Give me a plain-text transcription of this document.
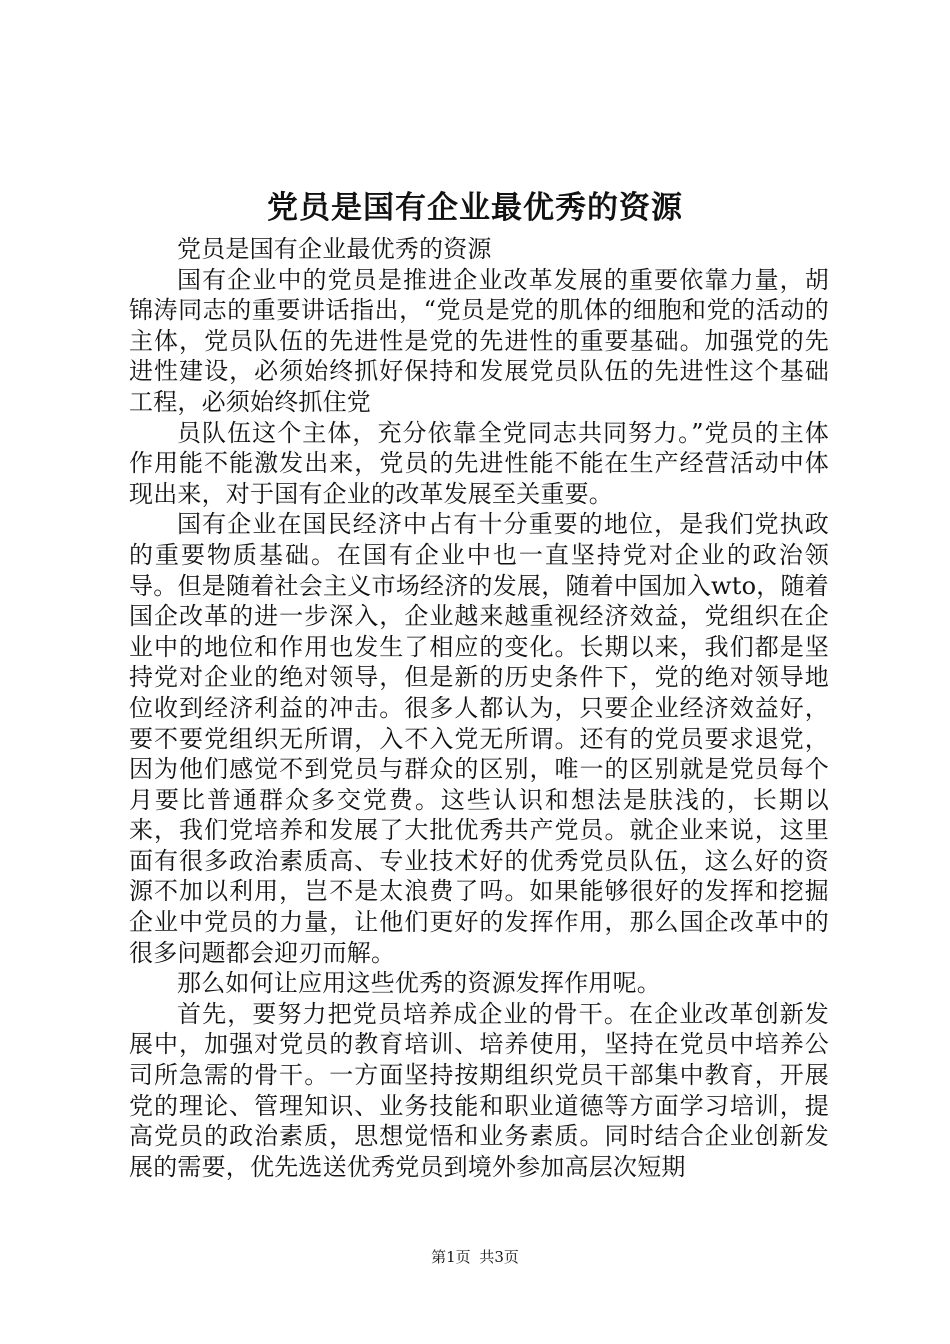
党员是国有企业最优秀的资源

党员是国有企业最优秀的资源

国有企业中的党员是推进企业改革发展的重要依靠力量，胡锦涛同志的重要讲话指出，“党员是党的肌体的细胞和党的活动的主体，党员队伍的先进性是党的先进性的重要基础。加强党的先进性建设，必须始终抓好保持和发展党员队伍的先进性这个基础工程，必须始终抓住党

员队伍这个主体，充分依靠全党同志共同努力。”党员的主体作用能不能激发出来，党员的先进性能不能在生产经营活动中体现出来，对于国有企业的改革发展至关重要。

国有企业在国民经济中占有十分重要的地位，是我们党执政的重要物质基础。在国有企业中也一直坚持党对企业的政治领导。但是随着社会主义市场经济的发展，随着中国加入wto，随着国企改革的进一步深入，企业越来越重视经济效益，党组织在企业中的地位和作用也发生了相应的变化。长期以来，我们都是坚持党对企业的绝对领导，但是新的历史条件下，党的绝对领导地位收到经济利益的冲击。很多人都认为，只要企业经济效益好，要不要党组织无所谓，入不入党无所谓。还有的党员要求退党，因为他们感觉不到党员与群众的区别，唯一的区别就是党员每个月要比普通群众多交党费。这些认识和想法是肤浅的，长期以来，我们党培养和发展了大批优秀共产党员。就企业来说，这里面有很多政治素质高、专业技术好的优秀党员队伍，这么好的资源不加以利用，岂不是太浪费了吗。如果能够很好的发挥和挖掘企业中党员的力量，让他们更好的发挥作用，那么国企改革中的很多问题都会迎刃而解。

那么如何让应用这些优秀的资源发挥作用呢。

首先，要努力把党员培养成企业的骨干。在企业改革创新发展中，加强对党员的教育培训、培养使用，坚持在党员中培养公司所急需的骨干。一方面坚持按期组织党员干部集中教育，开展党的理论、管理知识、业务技能和职业道德等方面学习培训，提高党员的政治素质，思想觉悟和业务素质。同时结合企业创新发展的需要，优先选送优秀党员到境外参加高层次短期

第1页 共3页
